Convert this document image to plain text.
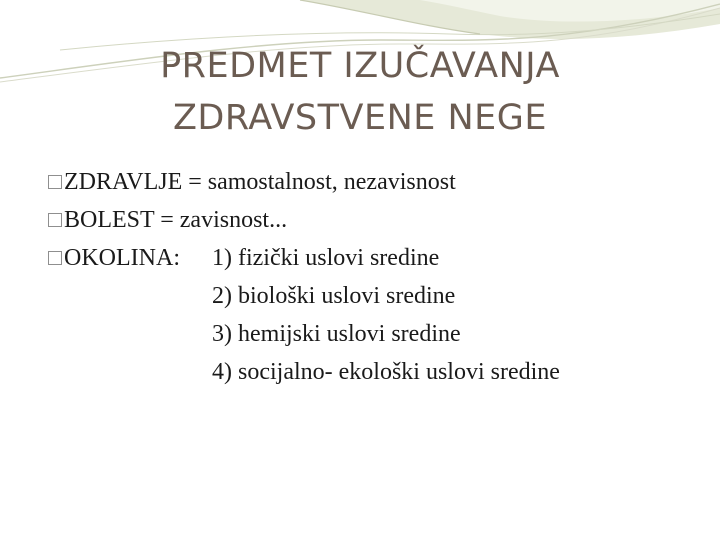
PREDMET IZUČAVANJA
ZDRAVSTVENE NEGE
ZDRAVLJE = samostalnost, nezavisnost
BOLEST = zavisnost...
OKOLINA: 1) fizički uslovi sredine
2) biološki uslovi sredine
3) hemijski uslovi sredine
4) socijalno- ekološki uslovi sredine
